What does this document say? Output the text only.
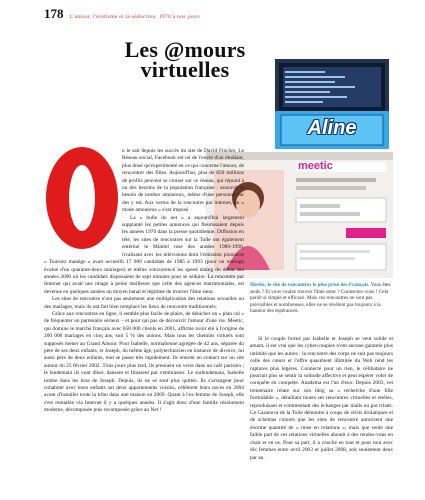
178 L'amour, l'érotisme et la séduction, 1970 à nos jours
Les @mours
virtuelles
Aline
meetic

n le sait depuis les succès du site de David Fincher, Le Réseau social, Facebook est né de l'envie d'un étudiant, plus doué qu'expérimenté en ce qui concerne l'amour, de rencontrer des filles. Aujourd'hui, plus de 850 millions de profils peuvent se croiser sur ce réseau, qui répond à un des besoins de la population française : assouvir le besoin de tomber amoureux, même d'une personne sur des y est. Aux vertus de la rencontre par internet, un « mode amoureux » s'est imposé.

La « bulle du net » a aujourd'hui largement supplanté les petites annonces qui fleurissaient depuis les années 1970 dans la presse quotidienne. Diffusion en télé, les sites de rencontres sur la Toile ont également entériné le Minitel rose des années 1980-1990, rivalisant avec les télévisions dont l'émission pionnière « Tournez manège » avait accueilli 17 000 candidats de 1985 à 1993 (pour un mariage évalué d'un quarante-deux mariages) et même concurrencé les speed dating du début des années 2000 où les candidats disposaient de sept minutes pour se séduire. La rencontre par Internet qui avait une image à peine meilleure que celle des agences matrimoniales, est devenue en quelques années un moyen banal et légitime de trouver l'âme sœur.

Les sites de rencontre n'ont pas seulement une multiplication des relations sexuelles ou des mariages, mais ils ont fait bien remplacé les lieux de rencontre traditionnels.

Grâce aux rencontres en ligne, il semble plus facile de plaire, de dénicher un « plan cul » de fréquenter un partenaire sérieux – et pour qui pas de découvrir l'amour d'une vie. Meetic, qui domine le marché français avec 850 000 clients en 2001, affirme avoir été à l'origine de 200 000 mariages en cinq ans, soit 5 % des unions. Mais tous les chemins virtuels sont supposés mener au Grand Amour. Pour Isabelle, normalienne agrégée de 42 ans, séparée du père de ses deux enfants, et Joseph, du même âge, polytechnicien en instance de divorce, lui aussi père de deux enfants, tout se passe très rapidement. Ils entrent en contact sur un site autour du 25 février 2002. Trois jours plus tard, ils prennent un verre dans un café parisien ; le lendemain ils vont dîner, dansent et finissent par s'embrasser. Le surlendemain, Isabelle tombe dans les bras de Joseph. Depuis, ils ne se sont plus quittés. Ils s'arrangent pour cohabiter avec leurs enfants sur deux appartements voisins, célèbrent leurs noces en 2004 avant d'installer toute la tribu dans une maison en 2009. Quant à l'ex-femme de Joseph, elle s'est remariée via Internet il y a quelques années. Il s'agit donc d'une famille résolument moderne, décomposée puis recomposée grâce au Net !

Meetic, le site de rencontres le plus prisé des Français. Vous êtes seuls ? Et vous voulez trouver l'âme sœur ? Connectez-vous ! Cela paraît si simple et efficace. Mais ces rencontres ne sont pas prévisibles et nombreuses, elles ne se révèlent pas toujours à la hauteur des espérances.

Si le couple formé par Isabelle et Joseph se veut solide et amant, il est vrai que les cyber-couples n'ont aucune garantie plus intimité que les autres : la rencontre des corps ne suit pas toujours celle des cœurs et l'offre quasiment illimitée du Web rend les ruptures plus légères. Connecté pour un rien, le célibataire ne pourrait plus se sentir la solitude affective et peut espérer voler de conquête en conquête. Anadema est l'un d'eux. Depuis 2003, cet trentenaire relate sur son blog sa « recherche d'une fille formidable », détaillant toutes ses rencontres virtuelles et réelles, reproduisant et commentant des échanges par mails ou par tchats. Ce Casanova de la Toile démontre à coups de récits drolatiques et de schémas colorés que les sites de rencontre autorisent une énorme quantité de « mise en relations », mais que seule une faible part de ces relations virtuelles aboutit à des rendez-vous en chair et en os. Pour sa part, il a couché en tout et pour tout avec dix femmes entre avril 2003 et juillet 2008, soit seulement deux par an.
